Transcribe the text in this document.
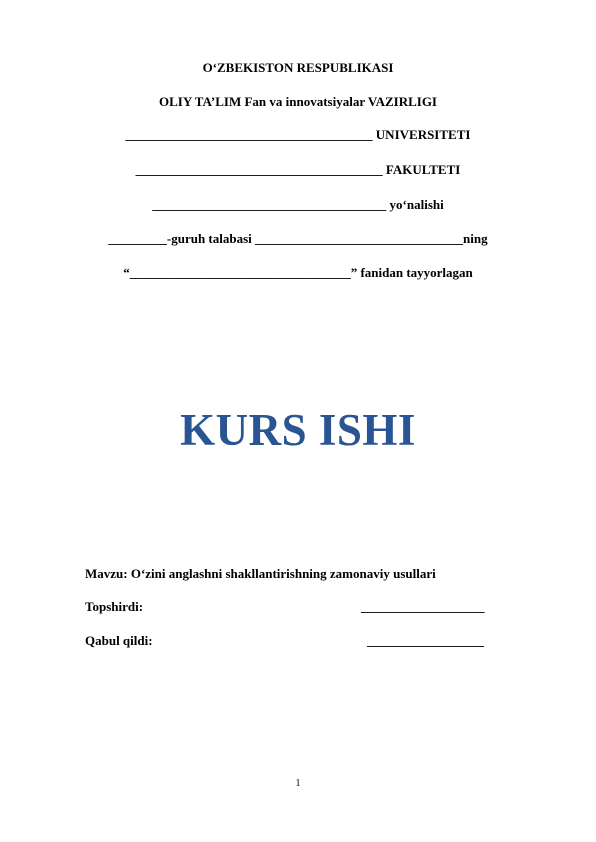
O‘ZBEKISTON RESPUBLIKASI
OLIY TA’LIM Fan va innovatsiyalar VAZIRLIGI
______________________________________ UNIVERSITETI
______________________________________ FAKULTETI
____________________________________ yo‘nalishi
_________-guruh talabasi ________________________________ning
“__________________________________” fanidan tayyorlagan
KURS ISHI
Mavzu: O‘zini anglashni shakllantirishning zamonaviy usullari
Topshirdi:	___________________
Qabul qildi:	__________________
1
